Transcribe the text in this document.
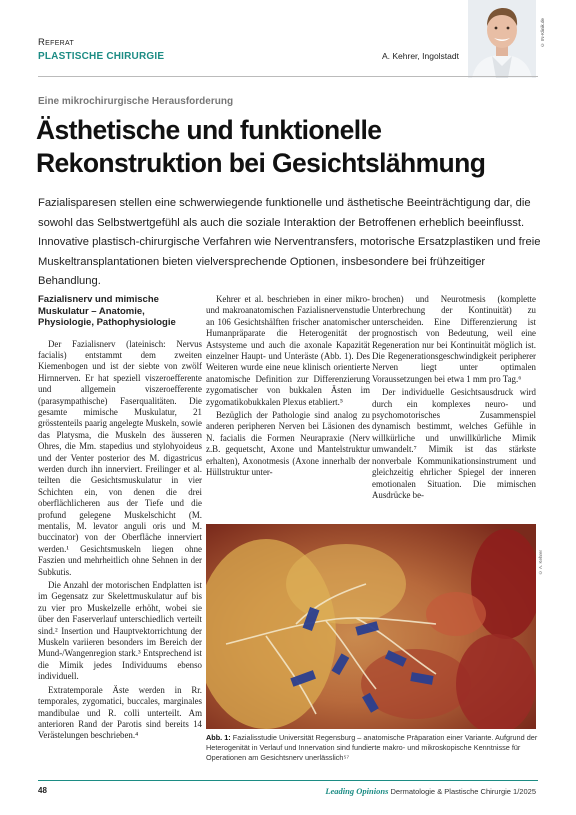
Referat
PLASTISCHE CHIRURGIE	A. Kehrer, Ingolstadt
© IN-Klinik.de
Eine mikrochirurgische Herausforderung
Ästhetische und funktionelle
Rekonstruktion bei Gesichtslähmung
Fazialisparesen stellen eine schwerwiegende funktionelle und ästhetische Beeinträchtigung dar, die sowohl das Selbstwertgefühl als auch die soziale Interaktion der Betroffenen erheblich beeinflusst. Innovative plastisch-chirurgische Verfahren wie Nerventransfers, motorische Ersatzplastiken und freie Muskeltransplantationen bieten vielversprechende Optionen, insbesondere bei frühzeitiger Behandlung.
Fazialisnerv und mimische Muskulatur – Anatomie, Physiologie, Pathophysiologie

Der Fazialisnerv (lateinisch: Nervus facialis) entstammt dem zweiten Kiemenbogen und ist der siebte von zwölf Hirnnerven. Er hat speziell viszeroefferente und allgemein viszeroefferente (parasympathische) Faserqualitäten. Die gesamte mimische Muskulatur, 21 grösstenteils paarig angelegte Muskeln, sowie das Platysma, die Muskeln des äusseren Ohres, die Mm. stapedius und stylohyoideus und der Venter posterior des M. digastricus werden durch ihn innerviert. Freilinger et al. teilten die Gesichtsmuskulatur in vier Schichten ein, von denen die drei oberflächlicheren aus der Tiefe und die profund gelegene Muskelschicht (M. mentalis, M. levator anguli oris und M. buccinator) von der Oberfläche innerviert werden.¹ Gesichtsmuskeln liegen ohne Faszien und mehrheitlich ohne Sehnen in der Subkutis.

Die Anzahl der motorischen Endplatten ist im Gegensatz zur Skelettmuskulatur auf bis zu vier pro Muskelzelle erhöht, wobei sie über den Faserverlauf unterschiedlich verteilt sind.² Insertion und Hauptvektorrichtung der Muskeln variieren besonders im Bereich der Mund-/Wangenregion stark.³ Entsprechend ist die Mimik jedes Individuums ebenso individuell.

Extratemporale Äste werden in Rr. temporales, zygomatici, buccales, marginales mandibulae und R. colli unterteilt. Am anterioren Rand der Parotis sind bereits 14 Verästelungen beschrieben.⁴

Kehrer et al. beschrieben in einer mikro- und makroanatomischen Fazialisnervenstudie an 106 Gesichtshälften frischer anatomischer Humanpräparate die Heterogenität der Astsysteme und auch die axonale Kapazität einzelner Haupt- und Unteräste (Abb. 1). Des Weiteren wurde eine neue klinisch orientierte anatomische Definition zur Differenzierung zygomatischer von bukkalen Ästen im zygomatikobukkalen Plexus etabliert.⁵

Bezüglich der Pathologie sind analog zu anderen peripheren Nerven bei Läsionen des N. facialis die Formen Neurapraxie (Nerv z.B. gequetscht, Axone und Mantelstruktur erhalten), Axonotmesis (Axone innerhalb der Hüllstruktur unter-

brochen) und Neurotmesis (komplette Unterbrechung der Kontinuität) zu unterscheiden. Eine Differenzierung ist prognostisch von Bedeutung, weil eine Regeneration nur bei Kontinuität möglich ist. Die Regenerationsgeschwindigkeit peripherer Nerven liegt unter optimalen Voraussetzungen bei etwa 1 mm pro Tag.⁶

Der individuelle Gesichtsausdruck wird durch ein komplexes neuro- und psychomotorisches Zusammenspiel dynamisch bestimmt, welches Gefühle in willkürliche und unwillkürliche Mimik umwandelt.⁷ Mimik ist das stärkste nonverbale Kommunikationsinstrument und gleichzeitig ehrlicher Spiegel der inneren emotionalen Situation. Die mimischen Ausdrücke be-

© A. Kehrer
Abb. 1: Fazialisstudie Universität Regensburg – anatomische Präparation einer Variante. Aufgrund der Heterogenität in Verlauf und Innervation sind fundierte makro- und mikroskopische Kenntnisse für Operationen am Gesichtsnerv unerlässlich⁵⁷
48	Leading Opinions Dermatologie & Plastische Chirurgie 1/2025
